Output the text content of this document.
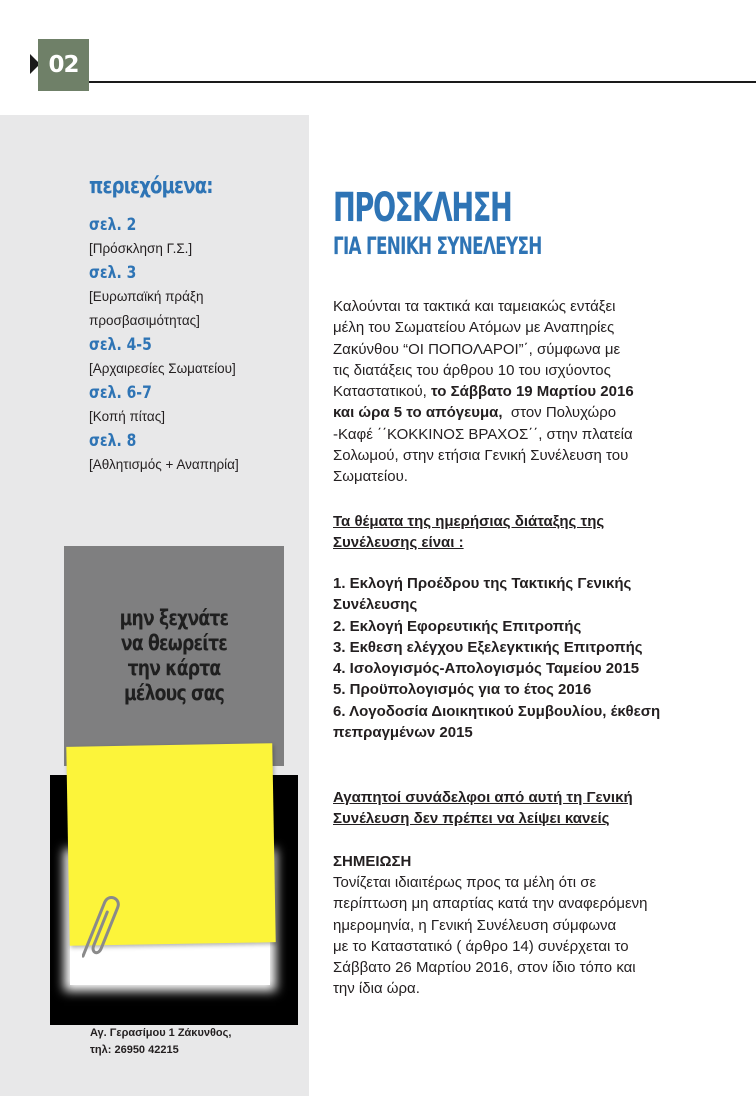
02
περιεχόμενα:
σελ. 2
[Πρόσκληση Γ.Σ.]
σελ. 3
[Ευρωπαϊκή πράξη
προσβασιμότητας]
σελ. 4-5
[Αρχαιρεσίες Σωματείου]
σελ. 6-7
[Κοπή πίτας]
σελ. 8
[Αθλητισμός + Αναπηρία]
μην ξεχνάτε
να θεωρείτε
την κάρτα
μέλους σας
Αγ. Γερασίμου 1 Ζάκυνθος,
τηλ: 26950 42215
ΠΡΟΣΚΛΗΣΗ
ΓΙΑ ΓΕΝΙΚΗ ΣΥΝΕΛΕΥΣΗ
Καλούνται τα τακτικά και ταμειακώς εντάξει
μέλη του Σωματείου Ατόμων με Αναπηρίες
Ζακύνθου “ΟΙ ΠΟΠΟΛΑΡΟΙ”΄, σύμφωνα με
τις διατάξεις του άρθρου 10 του ισχύοντος
Καταστατικού, το Σάββατο 19 Μαρτίου 2016
και ώρα 5 το απόγευμα,  στον Πολυχώρο
-Καφέ ΄΄ΚΟΚΚΙΝΟΣ ΒΡΑΧΟΣ΄΄, στην πλατεία
Σολωμού, στην ετήσια Γενική Συνέλευση του
Σωματείου.
Τα θέματα της ημερήσιας διάταξης της
Συνέλευσης είναι :
1. Εκλογή Προέδρου της Τακτικής Γενικής
Συνέλευσης
2. Εκλογή Εφορευτικής Επιτροπής
3. Εκθεση ελέγχου Εξελεγκτικής Επιτροπής
4. Ισολογισμός-Απολογισμός Ταμείου 2015
5. Προϋπολογισμός για το έτος 2016
6. Λογοδοσία Διοικητικού Συμβουλίου, έκθεση
πεπραγμένων 2015
Αγαπητοί συνάδελφοι από αυτή τη Γενική
Συνέλευση δεν πρέπει να λείψει κανείς
ΣΗΜΕΙΩΣΗ
Τονίζεται ιδιαιτέρως προς τα μέλη ότι σε
περίπτωση μη απαρτίας κατά την αναφερόμενη
ημερομηνία, η Γενική Συνέλευση σύμφωνα
με το Καταστατικό ( άρθρο 14) συνέρχεται το
Σάββατο 26 Μαρτίου 2016, στον ίδιο τόπο και
την ίδια ώρα.
